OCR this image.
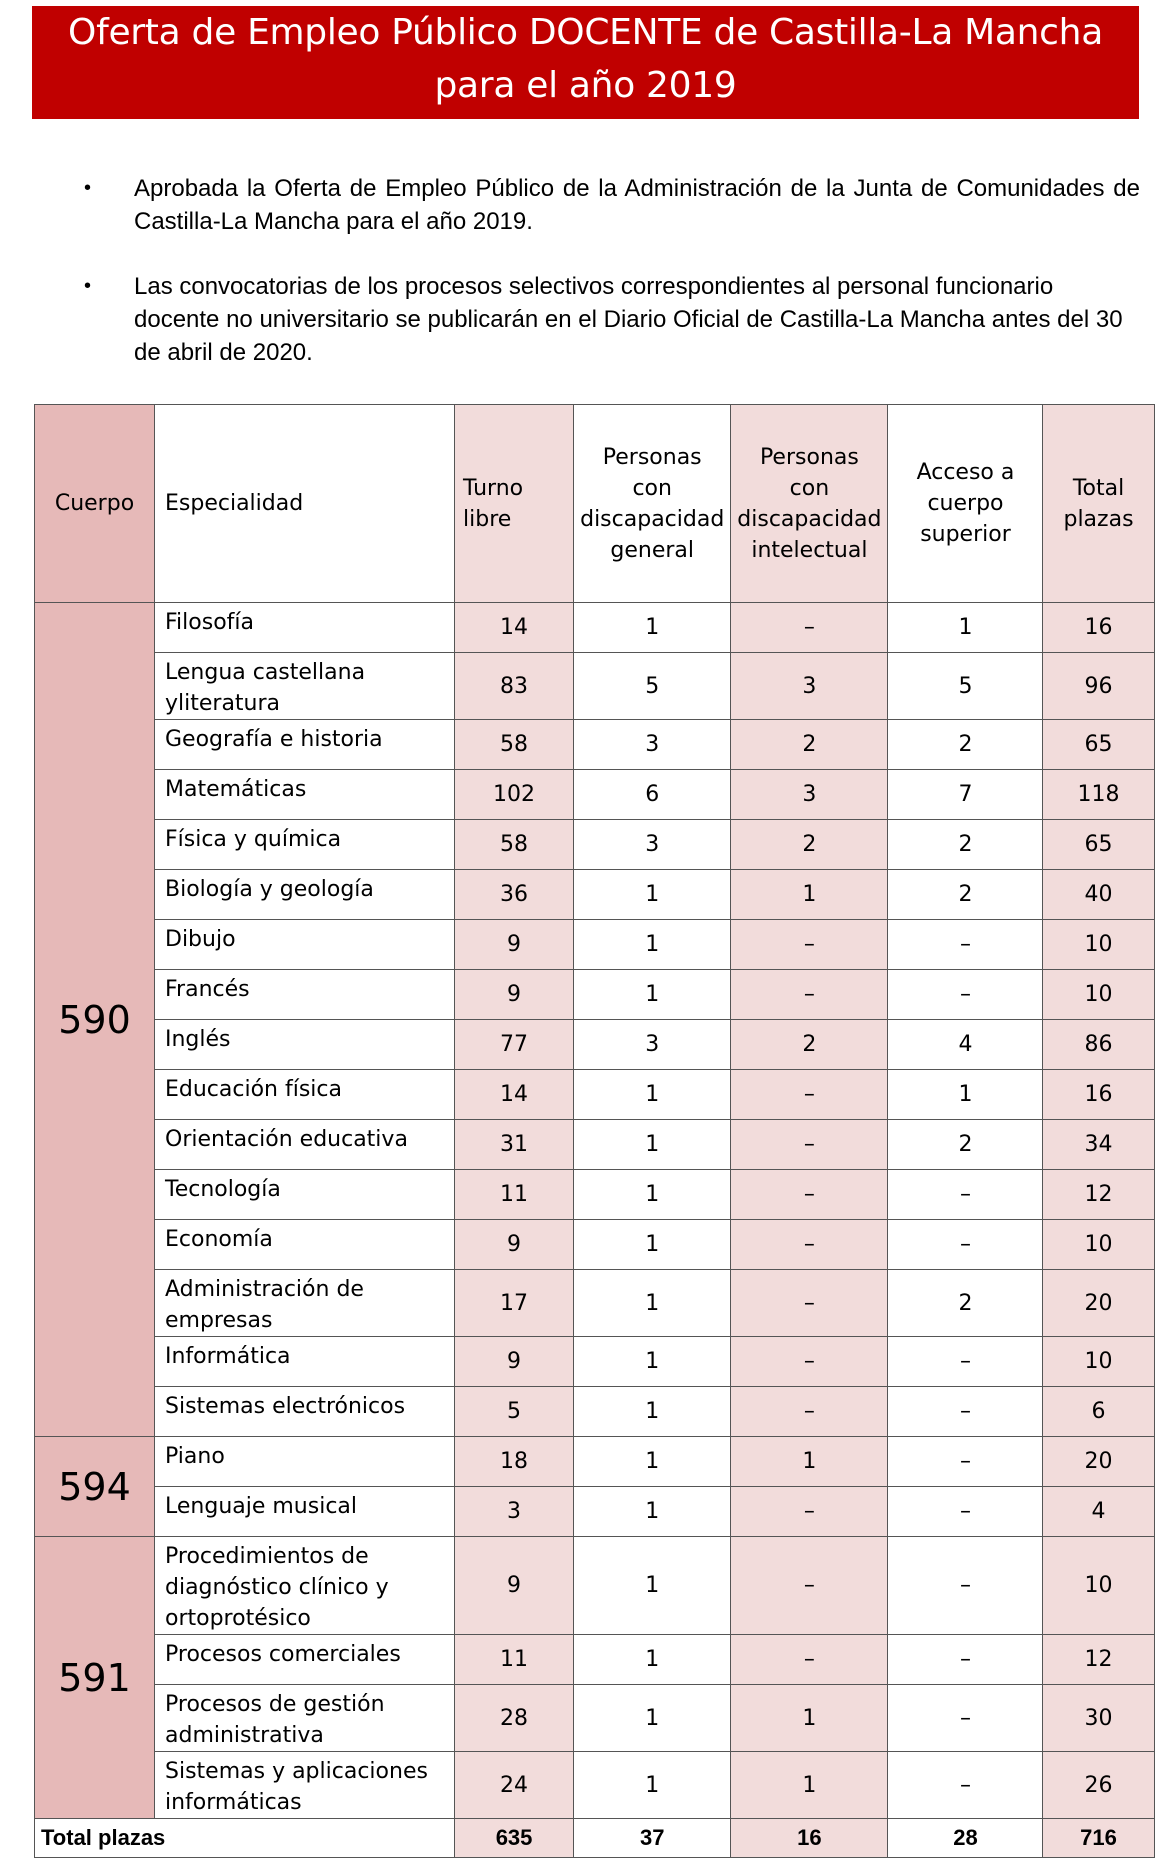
Oferta de Empleo Público DOCENTE de Castilla-La Mancha
para el año 2019
•	Aprobada la Oferta de Empleo Público de la Administración de la Junta de Comunidades de Castilla-La Mancha para el año 2019.
•	Las convocatorias de los procesos selectivos correspondientes al personal funcionario docente no universitario se publicarán en el Diario Oficial de Castilla-La Mancha antes del 30 de abril de 2020.
Cuerpo	Especialidad	Turno libre	Personas con discapacidad general	Personas con discapacidad intelectual	Acceso a cuerpo superior	Total plazas
590	Filosofía	14	1	–	1	16
	Lengua castellana yliteratura	83	5	3	5	96
	Geografía e historia	58	3	2	2	65
	Matemáticas	102	6	3	7	118
	Física y química	58	3	2	2	65
	Biología y geología	36	1	1	2	40
	Dibujo	9	1	–	–	10
	Francés	9	1	–	–	10
	Inglés	77	3	2	4	86
	Educación física	14	1	–	1	16
	Orientación educativa	31	1	–	2	34
	Tecnología	11	1	–	–	12
	Economía	9	1	–	–	10
	Administración de empresas	17	1	–	2	20
	Informática	9	1	–	–	10
	Sistemas electrónicos	5	1	–	–	6
594	Piano	18	1	1	–	20
	Lenguaje musical	3	1	–	–	4
591	Procedimientos de diagnóstico clínico y ortoprotésico	9	1	–	–	10
	Procesos comerciales	11	1	–	–	12
	Procesos de gestión administrativa	28	1	1	–	30
	Sistemas y aplicaciones informáticas	24	1	1	–	26
Total plazas		635	37	16	28	716
